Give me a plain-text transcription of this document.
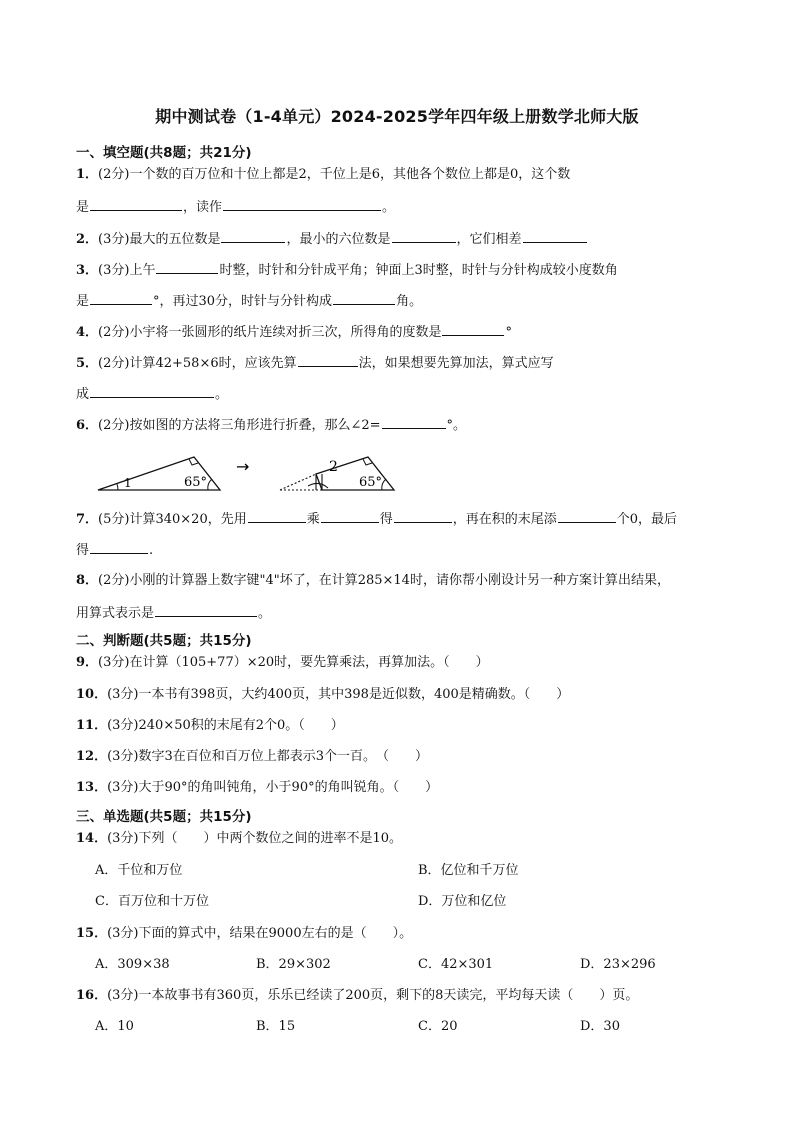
期中测试卷（1-4单元）2024-2025学年四年级上册数学北师大版
一、填空题(共8题；共21分)
1．(2分)一个数的百万位和十位上都是2，千位上是6，其他各个数位上都是0，这个数
是	，读作	。
2．(3分)最大的五位数是	，最小的六位数是	，它们相差
3．(3分)上午	时整，时针和分针成平角；钟面上3时整，时针与分针构成较小度数角
是	°，再过30分，时针与分针构成	角。
4．(2分)小宇将一张圆形的纸片连续对折三次，所得角的度数是	°
5．(2分)计算42+58×6时，应该先算	法，如果想要先算加法，算式应写
成	。
6．(2分)按如图的方法将三角形进行折叠，那么∠2=	°。
1	65°
→	2
65°
7．(5分)计算340×20，先用	乘	得	，再在积的末尾添	个0，最后
得	.
8．(2分)小刚的计算器上数字键"4"坏了，在计算285×14时，请你帮小刚设计另一种方案计算出结果，
用算式表示是	。
二、判断题(共5题；共15分)
9．(3分)在计算（105+77）×20时，要先算乘法，再算加法。（　　）
10．(3分)一本书有398页，大约400页，其中398是近似数，400是精确数。（　　）
11．(3分)240×50积的末尾有2个0。（　　）
12．(3分)数字3在百位和百万位上都表示3个一百。　（　　）
13．(3分)大于90°的角叫钝角，小于90°的角叫锐角。（　　）
三、单选题(共5题；共15分)
14．(3分)下列（　　）中两个数位之间的进率不是10。
A．千位和万位	B．亿位和千万位
C．百万位和十万位	D．万位和亿位
15．(3分)下面的算式中，结果在9000左右的是（　　）。
A．309×38	B．29×302	C．42×301	D．23×296
16．(3分)一本故事书有360页，乐乐已经读了200页，剩下的8天读完，平均每天读（　　）页。
A．10	B．15	C．20	D．30
